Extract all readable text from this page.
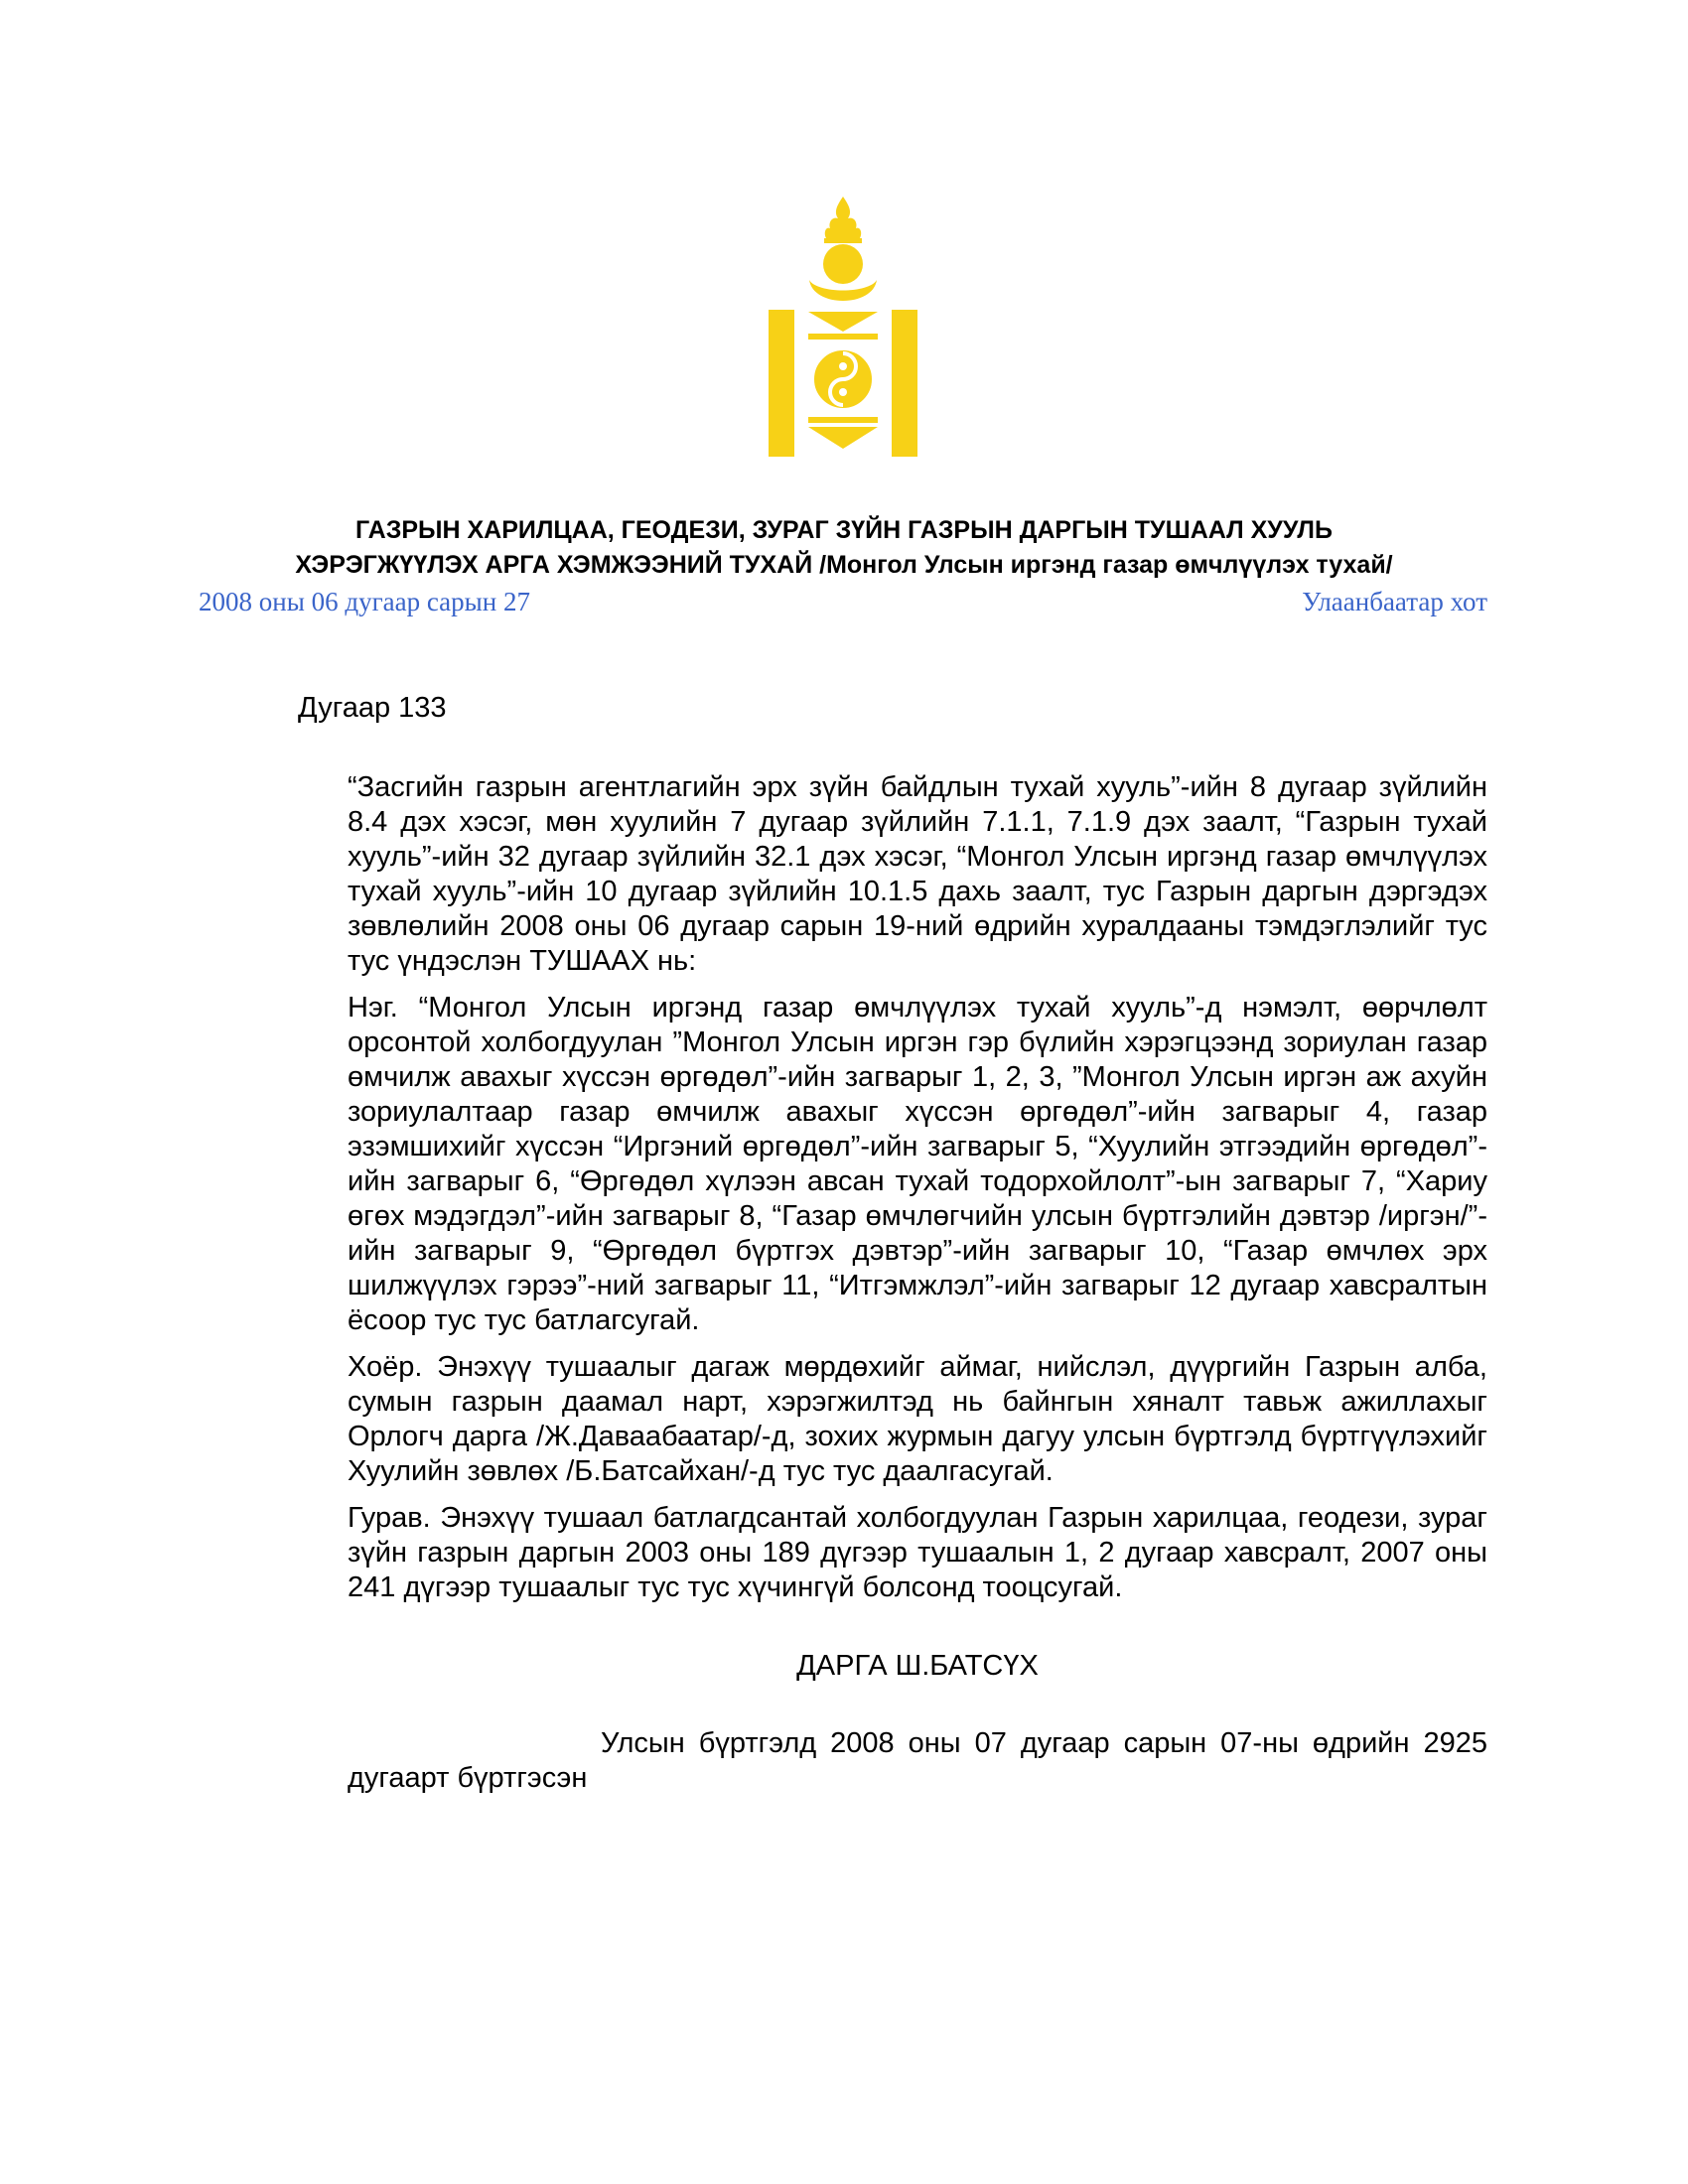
ГАЗРЫН ХАРИЛЦАА, ГЕОДЕЗИ, ЗУРАГ ЗҮЙН ГАЗРЫН ДАРГЫН ТУШААЛ ХУУЛЬ
ХЭРЭГЖҮҮЛЭХ АРГА ХЭМЖЭЭНИЙ ТУХАЙ /Монгол Улсын иргэнд газар өмчлүүлэх тухай/
2008 оны 06 дугаар сарын 27	Улаанбаатар хот
Дугаар 133

“Засгийн газрын агентлагийн эрх зүйн байдлын тухай хууль”-ийн 8 дугаар зүйлийн 8.4 дэх хэсэг, мөн хуулийн 7 дугаар зүйлийн 7.1.1, 7.1.9 дэх заалт, “Газрын тухай хууль”-ийн 32 дугаар зүйлийн 32.1 дэх хэсэг, “Монгол Улсын иргэнд газар өмчлүүлэх тухай хууль”-ийн 10 дугаар зүйлийн 10.1.5 дахь заалт, тус Газрын даргын дэргэдэх зөвлөлийн 2008 оны 06 дугаар сарын 19-ний өдрийн хуралдааны тэмдэглэлийг тус тус үндэслэн ТУШААХ нь:

Нэг. “Монгол Улсын иргэнд газар өмчлүүлэх тухай хууль”-д нэмэлт, өөрчлөлт орсонтой холбогдуулан ”Монгол Улсын иргэн гэр бүлийн хэрэгцээнд зориулан газар өмчилж авахыг хүссэн өргөдөл”-ийн загварыг 1, 2, 3, ”Монгол Улсын иргэн аж ахуйн зориулалтаар газар өмчилж авахыг хүссэн өргөдөл”-ийн загварыг 4, газар эзэмшихийг хүссэн “Иргэний өргөдөл”-ийн загварыг 5, “Хуулийн этгээдийн өргөдөл”-ийн загварыг 6, “Өргөдөл хүлээн авсан тухай тодорхойлолт”-ын загварыг 7, “Хариу өгөх мэдэгдэл”-ийн загварыг 8, “Газар өмчлөгчийн улсын бүртгэлийн дэвтэр /иргэн/”-ийн загварыг 9, “Өргөдөл бүртгэх дэвтэр”-ийн загварыг 10, “Газар өмчлөх эрх шилжүүлэх гэрээ”-ний загварыг 11, “Итгэмжлэл”-ийн загварыг 12 дугаар хавсралтын ёсоор тус тус батлагсугай.

Хоёр. Энэхүү тушаалыг дагаж мөрдөхийг аймаг, нийслэл, дүүргийн Газрын алба, сумын газрын даамал нарт, хэрэгжилтэд нь байнгын хяналт тавьж ажиллахыг Орлогч дарга /Ж.Даваабаатар/-д, зохих журмын дагуу улсын бүртгэлд бүртгүүлэхийг Хуулийн зөвлөх /Б.Батсайхан/-д тус тус даалгасугай.

Гурав. Энэхүү тушаал батлагдсантай холбогдуулан Газрын харилцаа, геодези, зураг зүйн газрын даргын 2003 оны 189 дүгээр тушаалын 1, 2 дугаар хавсралт, 2007 оны 241 дүгээр тушаалыг тус тус хүчингүй болсонд тооцсугай.

ДАРГА Ш.БАТСҮХ
Улсын бүртгэлд 2008 оны 07 дугаар сарын 07-ны өдрийн 2925 дугаарт бүртгэсэн
